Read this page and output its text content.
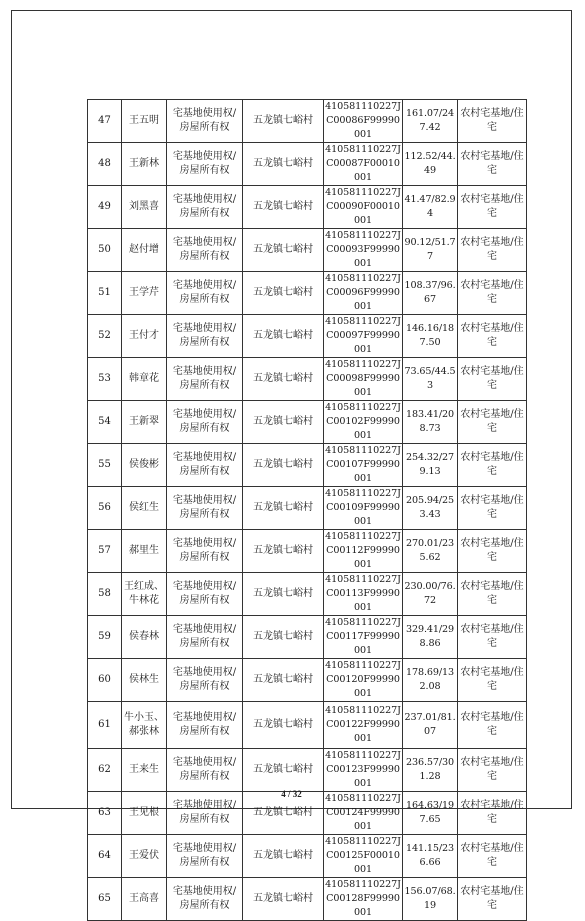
47	王五明	宅基地使用权/房屋所有权	五龙镇七峪村	410581110227JC00086F99990001	161.07/247.42	农村宅基地/住宅
48	王新林	宅基地使用权/房屋所有权	五龙镇七峪村	410581110227JC00087F00010001	112.52/44.49	农村宅基地/住宅
49	刘黑喜	宅基地使用权/房屋所有权	五龙镇七峪村	410581110227JC00090F00010001	41.47/82.94	农村宅基地/住宅
50	赵付增	宅基地使用权/房屋所有权	五龙镇七峪村	410581110227JC00093F99990001	90.12/51.77	农村宅基地/住宅
51	王学芹	宅基地使用权/房屋所有权	五龙镇七峪村	410581110227JC00096F99990001	108.37/96.67	农村宅基地/住宅
52	王付才	宅基地使用权/房屋所有权	五龙镇七峪村	410581110227JC00097F99990001	146.16/187.50	农村宅基地/住宅
53	韩章花	宅基地使用权/房屋所有权	五龙镇七峪村	410581110227JC00098F99990001	73.65/44.53	农村宅基地/住宅
54	王新翠	宅基地使用权/房屋所有权	五龙镇七峪村	410581110227JC00102F99990001	183.41/208.73	农村宅基地/住宅
55	侯俊彬	宅基地使用权/房屋所有权	五龙镇七峪村	410581110227JC00107F99990001	254.32/279.13	农村宅基地/住宅
56	侯红生	宅基地使用权/房屋所有权	五龙镇七峪村	410581110227JC00109F99990001	205.94/253.43	农村宅基地/住宅
57	郝里生	宅基地使用权/房屋所有权	五龙镇七峪村	410581110227JC00112F99990001	270.01/235.62	农村宅基地/住宅
58	王红成、牛林花	宅基地使用权/房屋所有权	五龙镇七峪村	410581110227JC00113F99990001	230.00/76.72	农村宅基地/住宅
59	侯春林	宅基地使用权/房屋所有权	五龙镇七峪村	410581110227JC00117F99990001	329.41/298.86	农村宅基地/住宅
60	侯林生	宅基地使用权/房屋所有权	五龙镇七峪村	410581110227JC00120F99990001	178.69/132.08	农村宅基地/住宅
61	牛小玉、郝张林	宅基地使用权/房屋所有权	五龙镇七峪村	410581110227JC00122F99990001	237.01/81.07	农村宅基地/住宅
62	王来生	宅基地使用权/房屋所有权	五龙镇七峪村	410581110227JC00123F99990001	236.57/301.28	农村宅基地/住宅
63	王见根	宅基地使用权/房屋所有权	五龙镇七峪村	410581110227JC00124F99990001	164.63/197.65	农村宅基地/住宅
64	王爱伏	宅基地使用权/房屋所有权	五龙镇七峪村	410581110227JC00125F00010001	141.15/236.66	农村宅基地/住宅
65	王高喜	宅基地使用权/房屋所有权	五龙镇七峪村	410581110227JC00128F99990001	156.07/68.19	农村宅基地/住宅
4 / 32
